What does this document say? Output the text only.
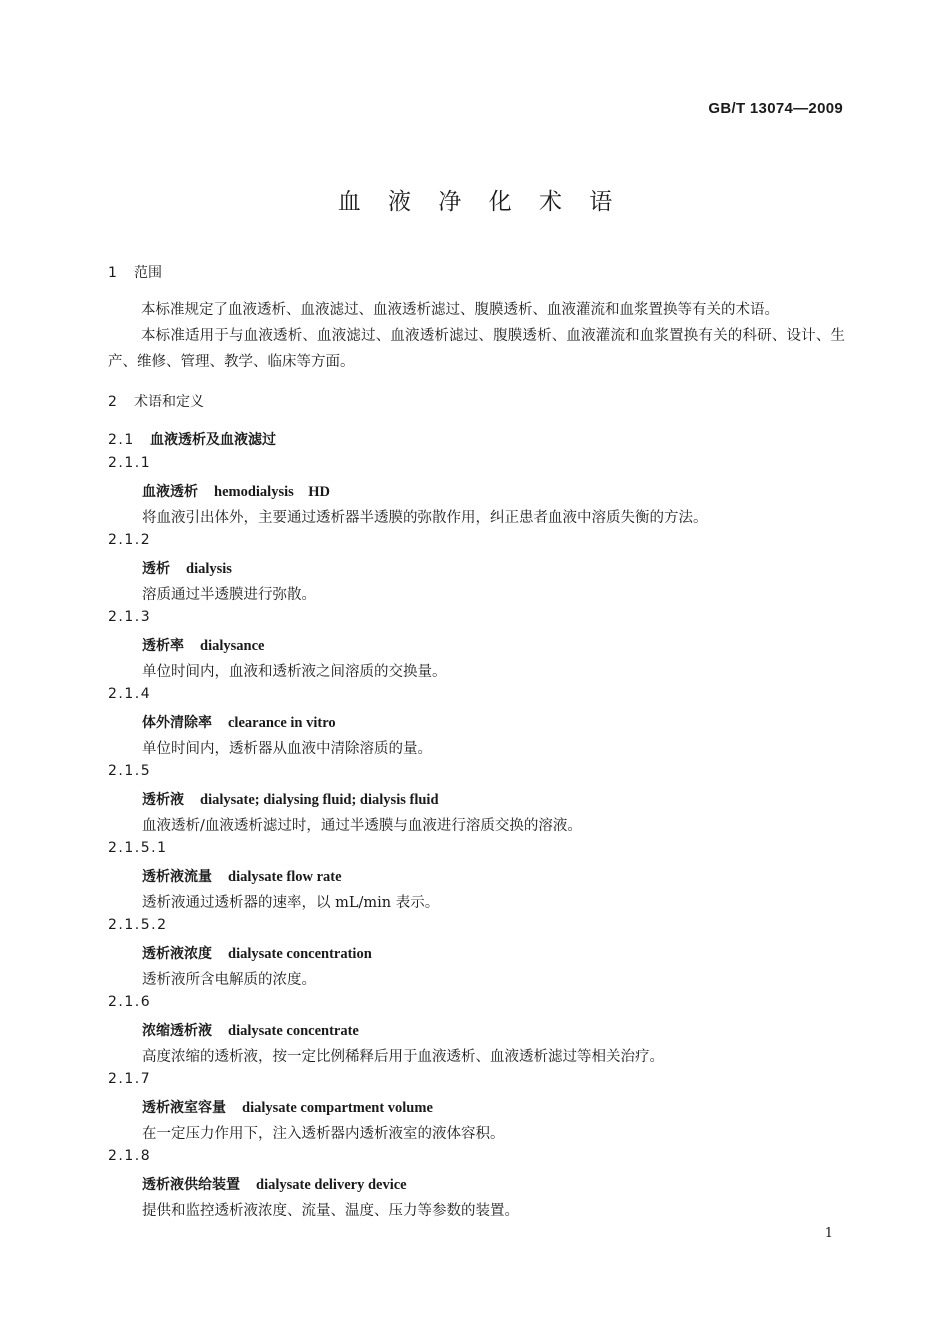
GB/T 13074—2009
血 液 净 化 术 语
1 范围
本标准规定了血液透析、血液滤过、血液透析滤过、腹膜透析、血液灌流和血浆置换等有关的术语。
本标准适用于与血液透析、血液滤过、血液透析滤过、腹膜透析、血液灌流和血浆置换有关的科研、设计、生产、维修、管理、教学、临床等方面。
2 术语和定义
2.1 血液透析及血液滤过
2.1.1
血液透析 hemodialysis    HD
将血液引出体外，主要通过透析器半透膜的弥散作用，纠正患者血液中溶质失衡的方法。
2.1.2
透析 dialysis
溶质通过半透膜进行弥散。
2.1.3
透析率 dialysance
单位时间内，血液和透析液之间溶质的交换量。
2.1.4
体外清除率 clearance in vitro
单位时间内，透析器从血液中清除溶质的量。
2.1.5
透析液 dialysate; dialysing fluid; dialysis fluid
血液透析/血液透析滤过时，通过半透膜与血液进行溶质交换的溶液。
2.1.5.1
透析液流量 dialysate flow rate
透析液通过透析器的速率，以 mL/min 表示。
2.1.5.2
透析液浓度 dialysate concentration
透析液所含电解质的浓度。
2.1.6
浓缩透析液 dialysate concentrate
高度浓缩的透析液，按一定比例稀释后用于血液透析、血液透析滤过等相关治疗。
2.1.7
透析液室容量 dialysate compartment volume
在一定压力作用下，注入透析器内透析液室的液体容积。
2.1.8
透析液供给装置 dialysate delivery device
提供和监控透析液浓度、流量、温度、压力等参数的装置。
1
